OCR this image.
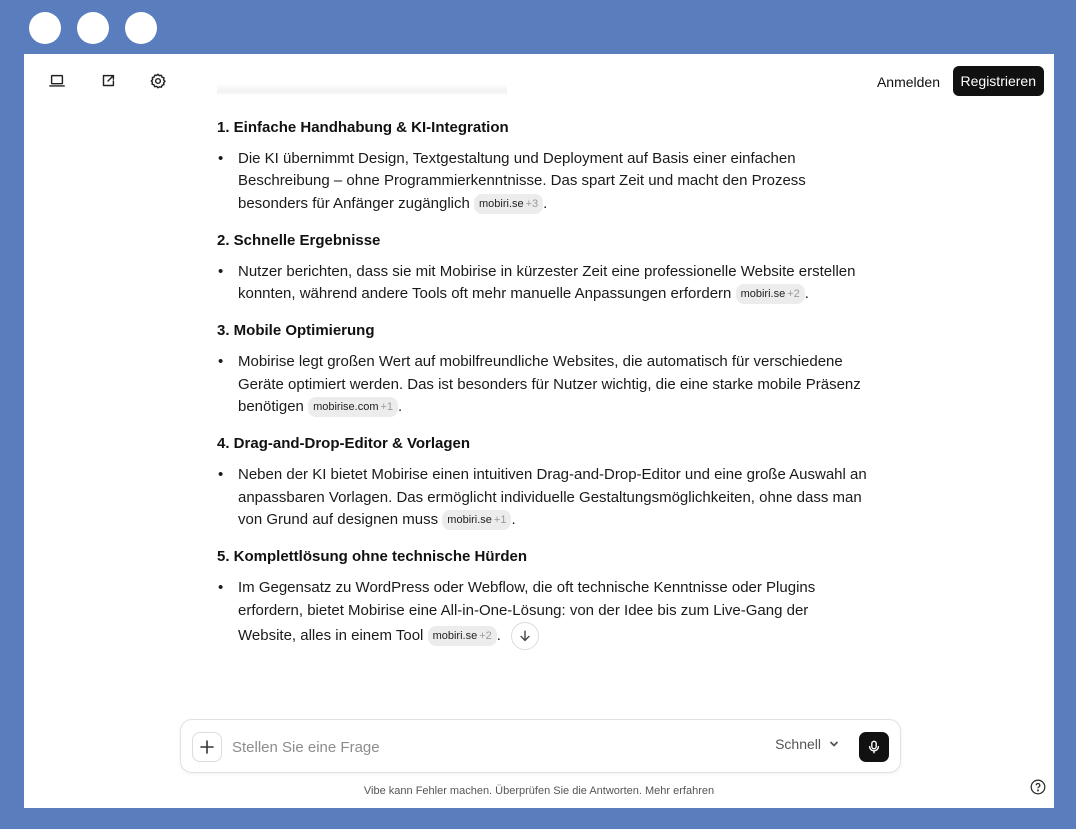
Anmelden	Registrieren
1. Einfache Handhabung & KI-Integration
• Die KI übernimmt Design, Textgestaltung und Deployment auf Basis einer einfachen Beschreibung – ohne Programmierkenntnisse. Das spart Zeit und macht den Prozess besonders für Anfänger zugänglich mobiri.se +3 .
2. Schnelle Ergebnisse
• Nutzer berichten, dass sie mit Mobirise in kürzester Zeit eine professionelle Website erstellen konnten, während andere Tools oft mehr manuelle Anpassungen erfordern mobiri.se +2 .
3. Mobile Optimierung
• Mobirise legt großen Wert auf mobilfreundliche Websites, die automatisch für verschiedene Geräte optimiert werden. Das ist besonders für Nutzer wichtig, die eine starke mobile Präsenz benötigen mobirise.com +1 .
4. Drag-and-Drop-Editor & Vorlagen
• Neben der KI bietet Mobirise einen intuitiven Drag-and-Drop-Editor und eine große Auswahl an anpassbaren Vorlagen. Das ermöglicht individuelle Gestaltungsmöglichkeiten, ohne dass man von Grund auf designen muss mobiri.se +1 .
5. Komplettlösung ohne technische Hürden
• Im Gegensatz zu WordPress oder Webflow, die oft technische Kenntnisse oder Plugins erfordern, bietet Mobirise eine All-in-One-Lösung: von der Idee bis zum Live-Gang der Website, alles in einem Tool mobiri.se +2 .
Stellen Sie eine Frage
Schnell
Vibe kann Fehler machen. Überprüfen Sie die Antworten. Mehr erfahren
